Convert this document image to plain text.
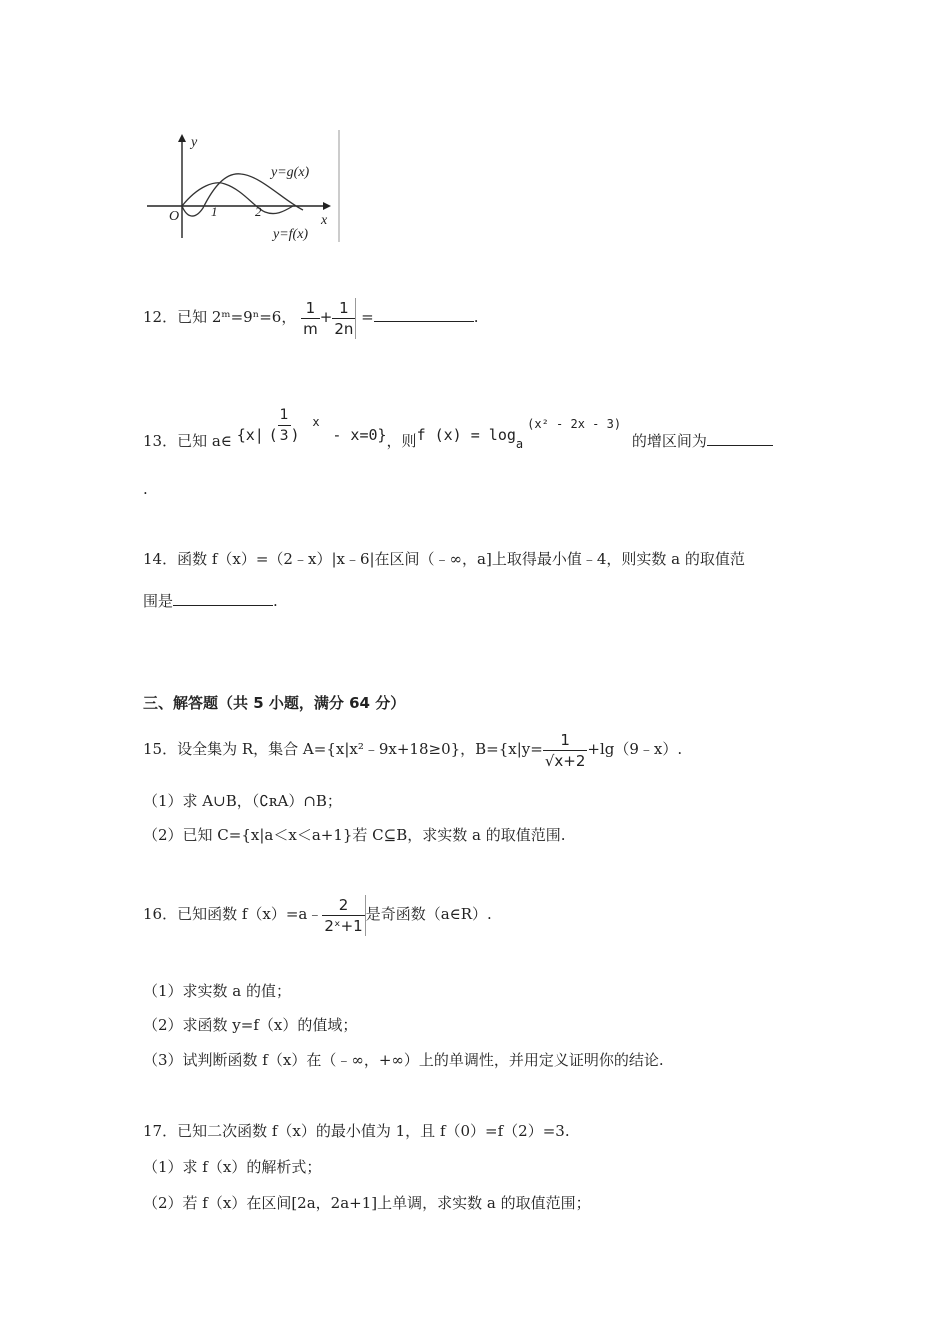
y
x
O 1	2
y=g(x)
y=f(x)
12．已知 2ᵐ=9ⁿ=6， $\frac{1}{m} + \frac{1}{2n}$ =	.
13．已知 a∈ {x| ( $\frac{1}{3}$ ) $^x$ - x=0}，则f (x) = loga$^{(x^2 - 2x - 3)}$ 的增区间为
.
14．函数 f（x）=（2﹣x）|x﹣6|在区间（﹣∞，a]上取得最小值﹣4，则实数 a 的取值范
围是	.
三、解答题（共 5 小题，满分 64 分）
15．设全集为 R，集合 A={x|x²﹣9x+18≥0}，$B=\{x|y= \frac{1}{√x+2}$ +lg（9﹣x）.
（1）求 A∪B，（∁ʀA）∩B；
（2）已知 C={x|a＜x＜a+1}若 C⊆B，求实数 a 的取值范围.
16．已知函数 f（x）=a﹣ $\frac{2}{\text{2ˣ+1}}$ 是奇函数（a∈R）.
（1）求实数 a 的值；
（2）求函数 y=f（x）的值域；
（3）试判断函数 f（x）在（﹣∞，+∞）上的单调性，并用定义证明你的结论.
17．已知二次函数 f（x）的最小值为 1，且 f（0）=f（2）=3.
（1）求 f（x）的解析式；
（2）若 f（x）在区间[2a，2a+1]上单调，求实数 a 的取值范围；
